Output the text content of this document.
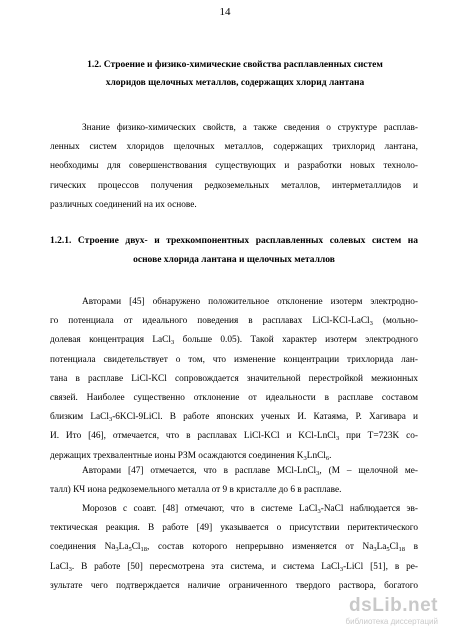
14
1.2. Строение и физико-химические свойства расплавленных систем
хлоридов щелочных металлов, содержащих хлорид лантана
Знание физико-химических свойств, а также сведения о структуре расплав-
ленных систем хлоридов щелочных металлов, содержащих трихлорид лантана,
необходимы для совершенствования существующих и разработки новых техноло-
гических процессов получения редкоземельных металлов, интерметаллидов и
различных соединений на их основе.
1.2.1. Строение двух- и трехкомпонентных расплавленных солевых систем на
основе хлорида лантана и щелочных металлов
Авторами [45] обнаружено положительное отклонение изотерм электродно-
го потенциала от идеального поведения в расплавах LiCl-KCl-LaCl$_3$ (мольно-
долевая концентрация LaCl$_3$ больше 0.05). Такой характер изотерм электродного
потенциала свидетельствует о том, что изменение концентрации трихлорида лан-
тана в расплаве LiCl-KCl сопровождается значительной перестройкой межионных
связей. Наиболее существенно отклонение от идеальности в расплаве составом
близким LaCl$_3$-6KCl-9LiCl. В работе японских ученых И. Катаяма, Р. Хагивара и
И. Ито [46], отмечается, что в расплавах LiCl-KCl и KCl-LnCl$_3$ при T=723K со-
держащих трехвалентные ионы РЗМ осаждаются соединения $K_3LnCl_6$.
Авторами [47] отмечается, что в расплаве MCl-LnCl$_3$, (M – щелочной ме-
талл) КЧ иона редкоземельного металла от 9 в кристалле до 6 в расплаве.
Морозов с соавт. [48] отмечают, что в системе LaCl$_3$-NaCl наблюдается эв-
тектическая реакция. В работе [49] указывается о присутствии перитектического
соединения $Na_3La_5Cl_{18}$, состав которого непрерывно изменяется от $Na_3La_5Cl_{18}$ в
LaCl$_3$. В работе [50] пересмотрена эта система, и система LaCl$_3$-LiCl [51], в ре-
зультате чего подтверждается наличие ограниченного твердого раствора, богатого
dsLib.net
библиотека диссертаций
